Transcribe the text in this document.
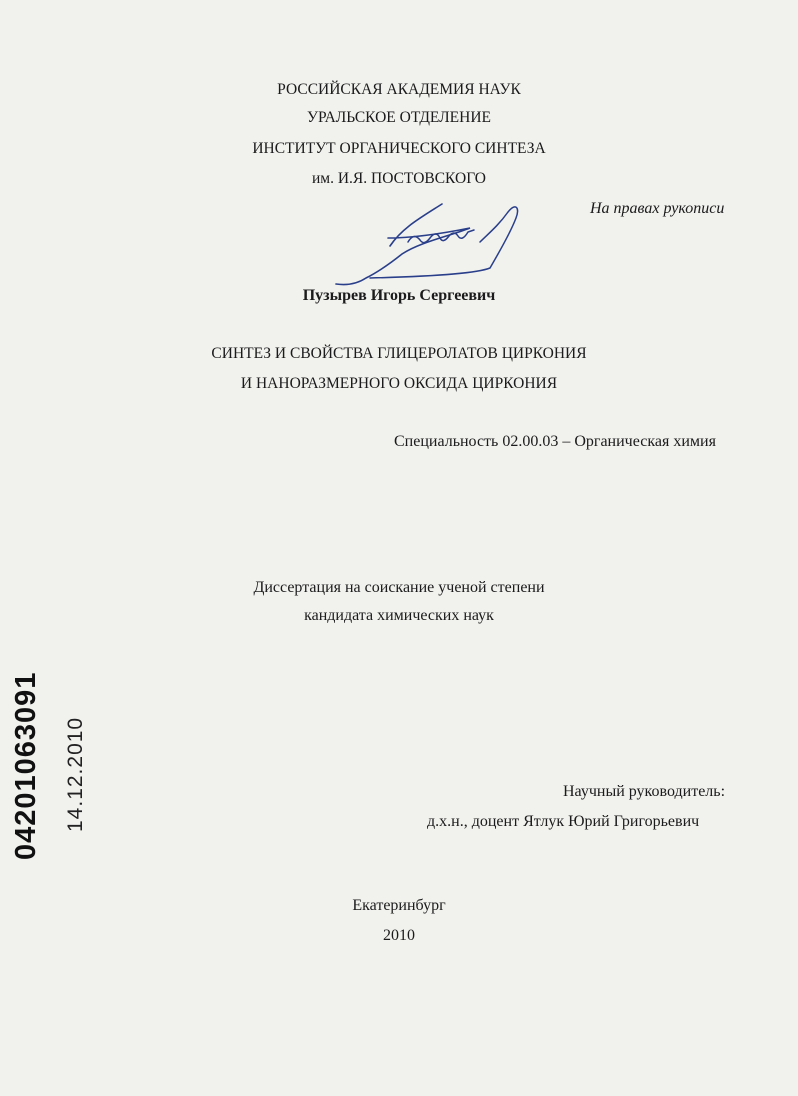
РОССИЙСКАЯ АКАДЕМИЯ НАУК
УРАЛЬСКОЕ ОТДЕЛЕНИЕ
ИНСТИТУТ ОРГАНИЧЕСКОГО СИНТЕЗА
им. И.Я. ПОСТОВСКОГО
На правах рукописи
Пузырев Игорь Сергеевич
СИНТЕЗ И СВОЙСТВА ГЛИЦЕРОЛАТОВ ЦИРКОНИЯ
И НАНОРАЗМЕРНОГО ОКСИДА ЦИРКОНИЯ
Специальность 02.00.03 – Органическая химия
Диссертация на соискание ученой степени
кандидата химических наук
Научный руководитель:
д.х.н., доцент Ятлук Юрий Григорьевич
Екатеринбург
2010
04201063091 14.12.2010
